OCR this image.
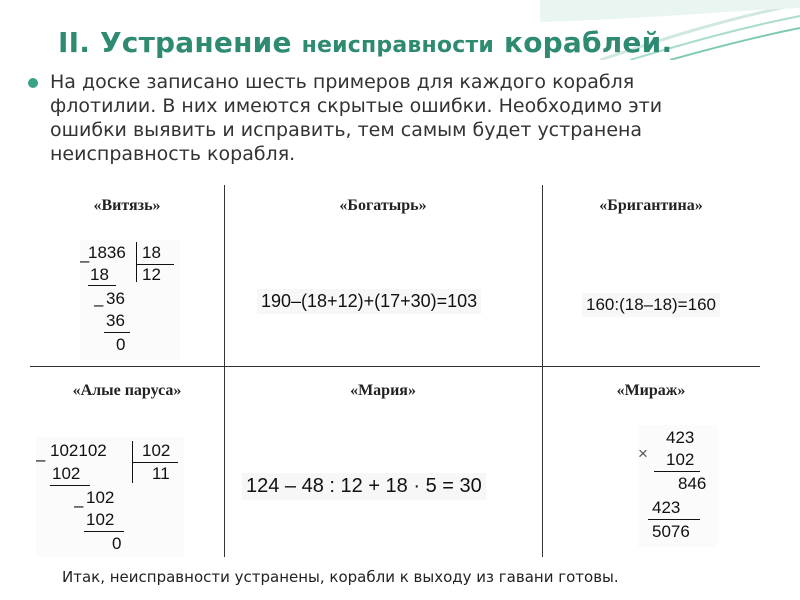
II. Устранение неисправности кораблей.
На доске записано шесть примеров для каждого корабля флотилии. В них имеются скрытые ошибки. Необходимо эти ошибки выявить и исправить, тем самым будет устранена неисправность корабля.
«Витязь»	«Богатырь»	«Бригантина»
–
1836 18
18 12
– 36
36
0
190–(18+12)+(17+30)=103	160:(18–18)=160
«Алые паруса»	«Мария»	«Мираж»
– 102102 102
102	11
– 102
102
0
124 – 48 : 12 + 18 · 5 = 30
×
423
102
846
423
5076
Итак, неисправности устранены, корабли к выходу из гавани готовы.
